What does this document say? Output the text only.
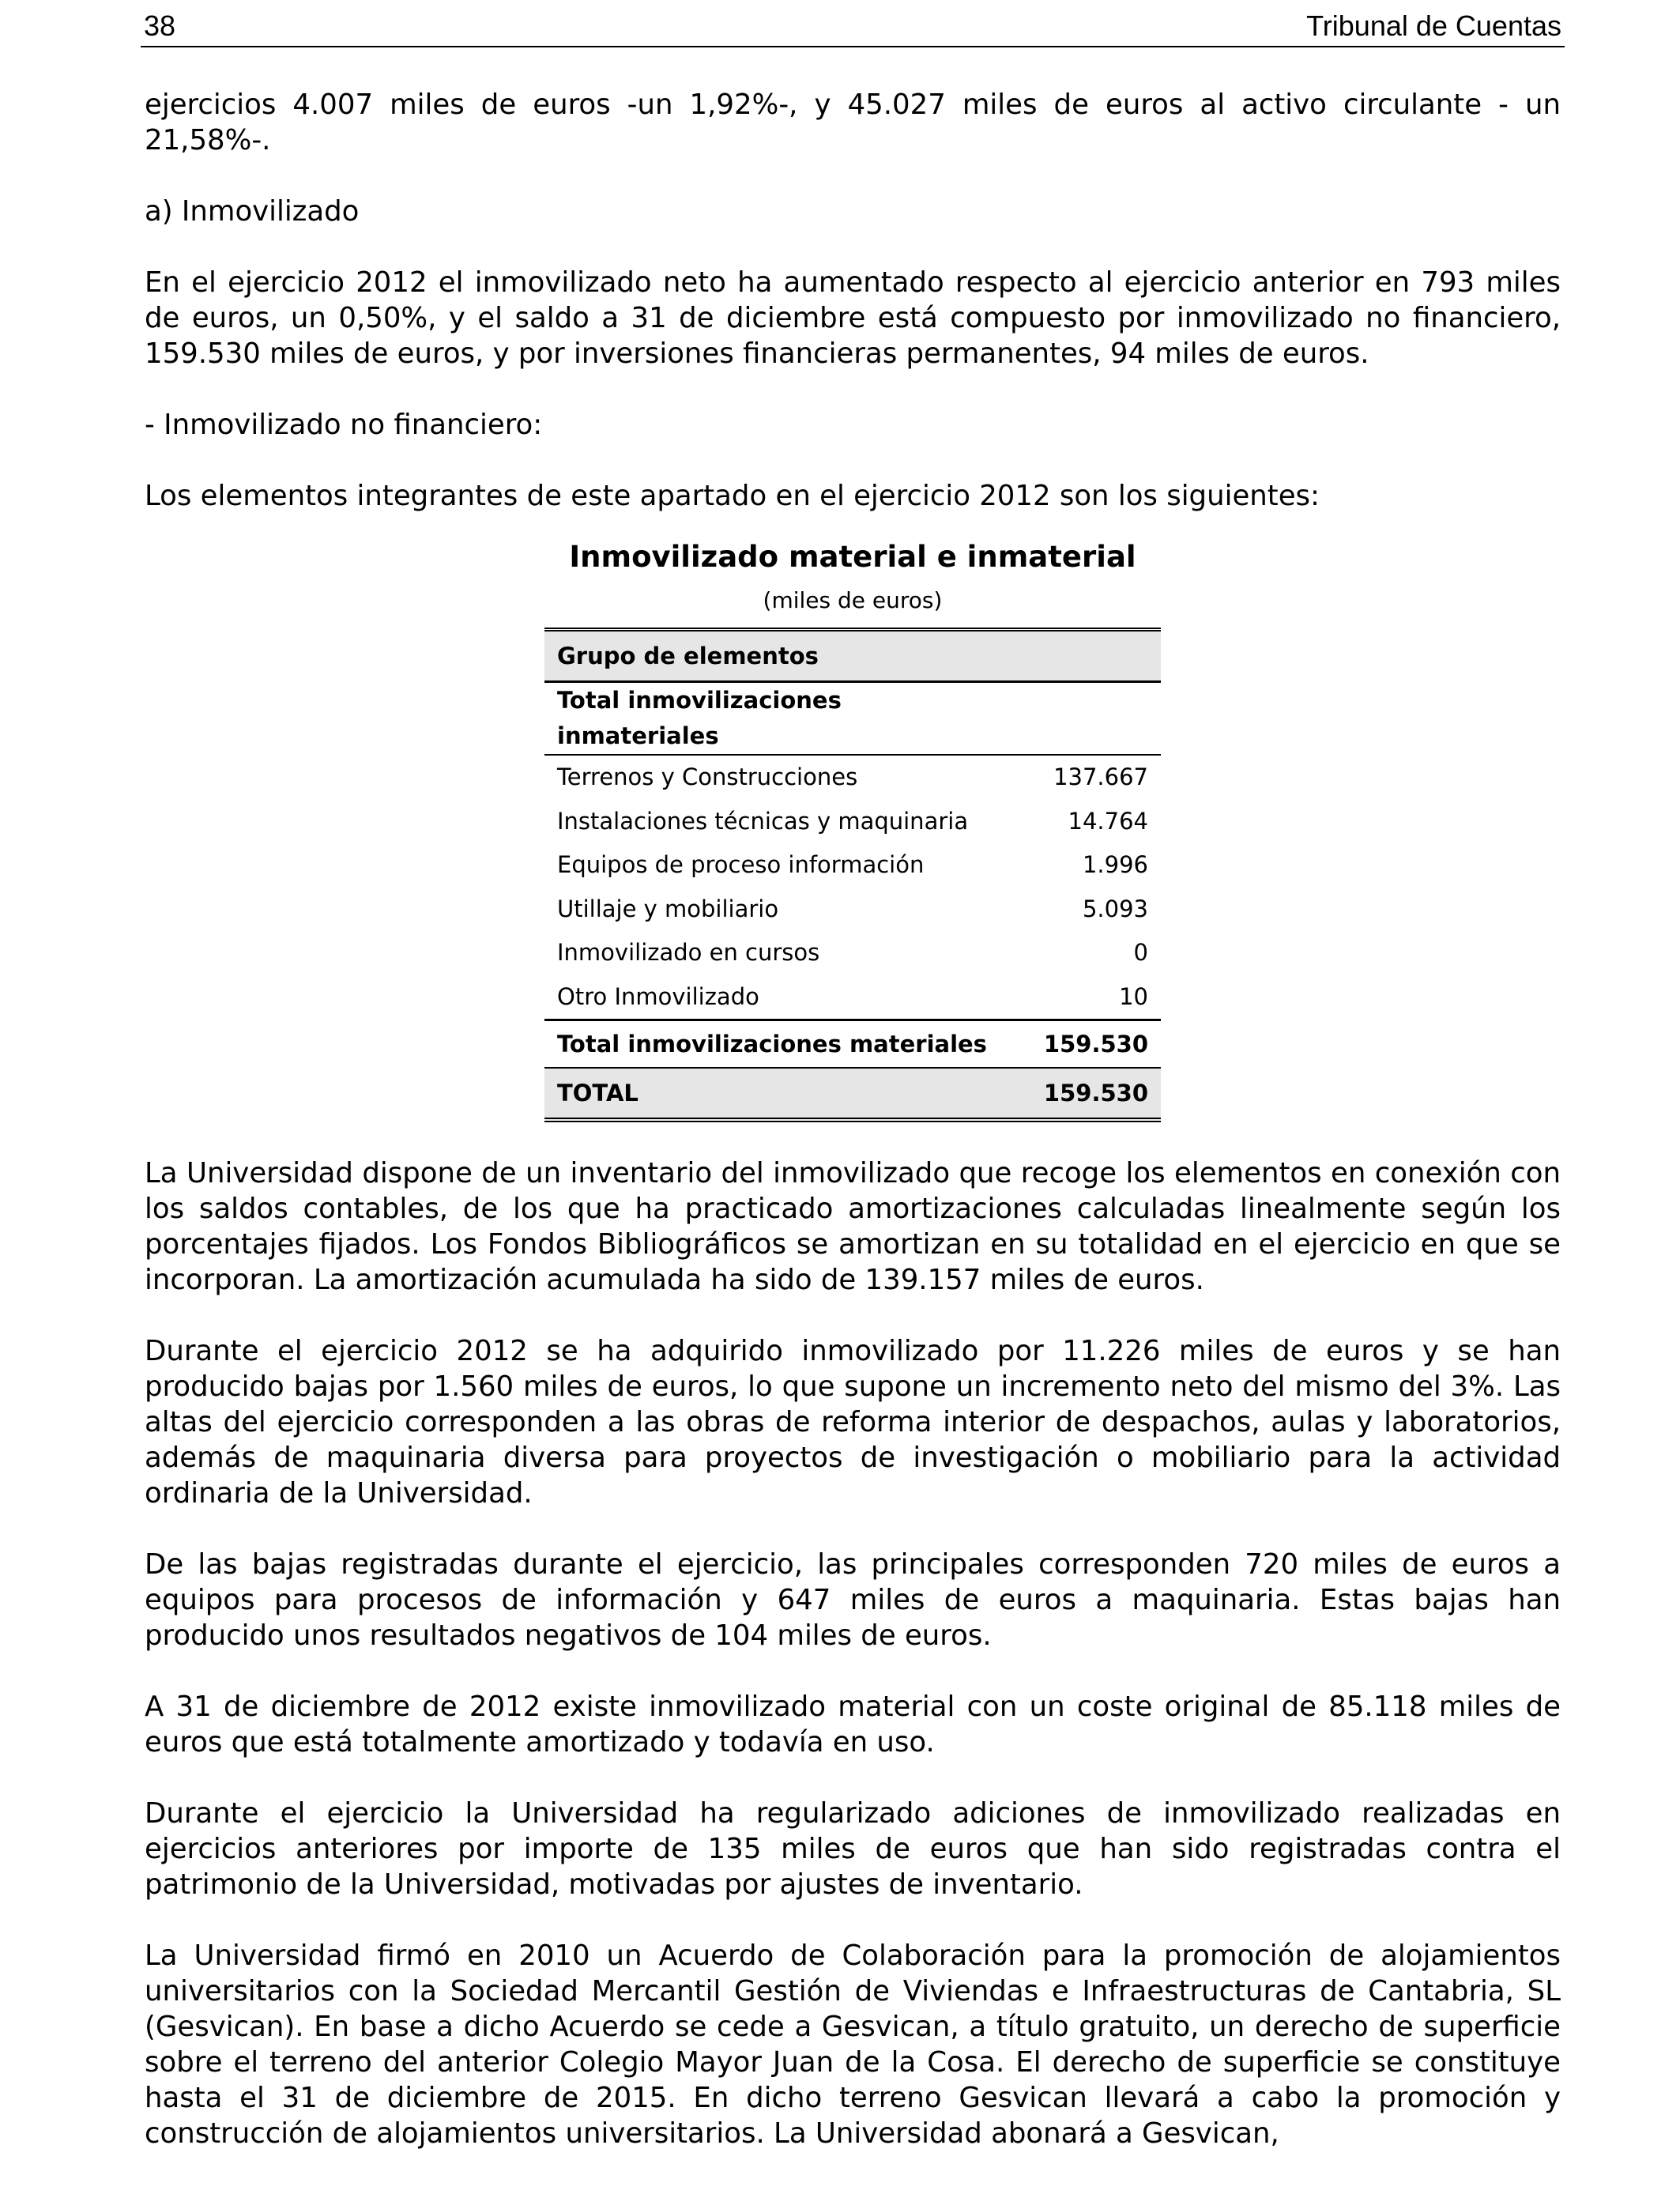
38	Tribunal de Cuentas

ejercicios 4.007 miles de euros -un 1,92%-, y 45.027 miles de euros al activo circulante - un 21,58%-.

a) Inmovilizado

En el ejercicio 2012 el inmovilizado neto ha aumentado respecto al ejercicio anterior en 793 miles de euros, un 0,50%, y el saldo a 31 de diciembre está compuesto por inmovilizado no financiero, 159.530 miles de euros, y por inversiones financieras permanentes, 94 miles de euros.

- Inmovilizado no financiero:

Los elementos integrantes de este apartado en el ejercicio 2012 son los siguientes:

Inmovilizado material e inmaterial
(miles de euros)
Grupo de elementos	
Total inmovilizaciones inmateriales	
Terrenos y Construcciones	137.667
Instalaciones técnicas y maquinaria	14.764
Equipos de proceso información	1.996
Utillaje y mobiliario	5.093
Inmovilizado en cursos	0
Otro Inmovilizado	10
Total inmovilizaciones materiales	159.530
TOTAL	159.530

La Universidad dispone de un inventario del inmovilizado que recoge los elementos en conexión con los saldos contables, de los que ha practicado amortizaciones calculadas linealmente según los porcentajes fijados. Los Fondos Bibliográficos se amortizan en su totalidad en el ejercicio en que se incorporan. La amortización acumulada ha sido de 139.157 miles de euros.

Durante el ejercicio 2012 se ha adquirido inmovilizado por 11.226 miles de euros y se han producido bajas por 1.560 miles de euros, lo que supone un incremento neto del mismo del 3%. Las altas del ejercicio corresponden a las obras de reforma interior de despachos, aulas y laboratorios, además de maquinaria diversa para proyectos de investigación o mobiliario para la actividad ordinaria de la Universidad.

De las bajas registradas durante el ejercicio, las principales corresponden 720 miles de euros a equipos para procesos de información y 647 miles de euros a maquinaria. Estas bajas han producido unos resultados negativos de 104 miles de euros.

A 31 de diciembre de 2012 existe inmovilizado material con un coste original de 85.118 miles de euros que está totalmente amortizado y todavía en uso.

Durante el ejercicio la Universidad ha regularizado adiciones de inmovilizado realizadas en ejercicios anteriores por importe de 135 miles de euros que han sido registradas contra el patrimonio de la Universidad, motivadas por ajustes de inventario.

La Universidad firmó en 2010 un Acuerdo de Colaboración para la promoción de alojamientos universitarios con la Sociedad Mercantil Gestión de Viviendas e Infraestructuras de Cantabria, SL (Gesvican). En base a dicho Acuerdo se cede a Gesvican, a título gratuito, un derecho de superficie sobre el terreno del anterior Colegio Mayor Juan de la Cosa. El derecho de superficie se constituye hasta el 31 de diciembre de 2015. En dicho terreno Gesvican llevará a cabo la promoción y construcción de alojamientos universitarios. La Universidad abonará a Gesvican,
